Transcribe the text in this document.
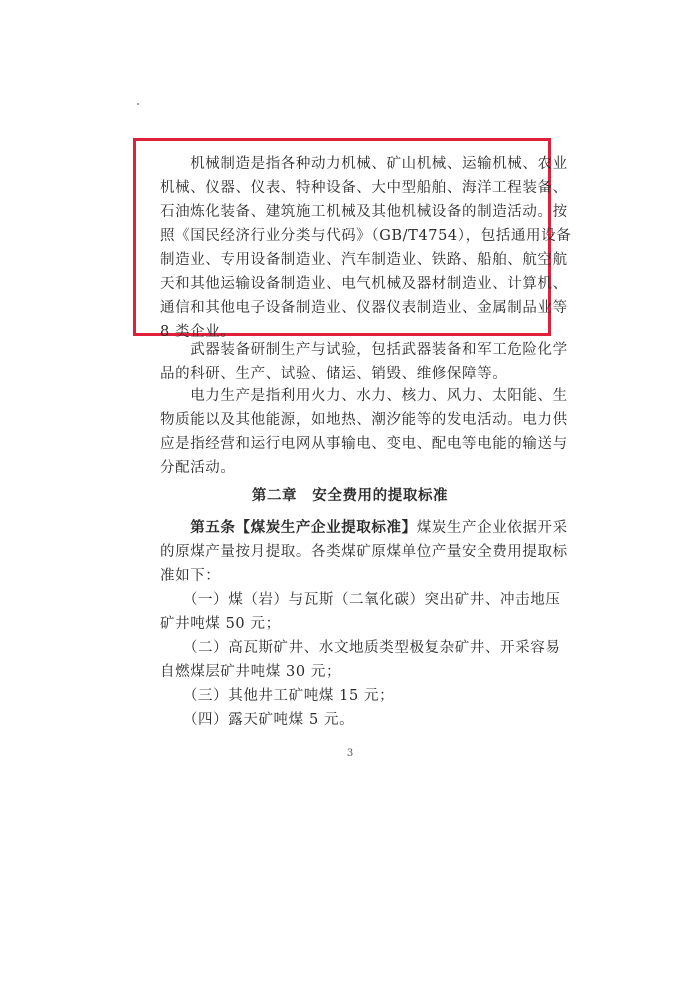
　　机械制造是指各种动力机械、矿山机械、运输机械、农业
机械、仪器、仪表、特种设备、大中型船舶、海洋工程装备、
石油炼化装备、建筑施工机械及其他机械设备的制造活动。按
照《国民经济行业分类与代码》（GB/T4754），包括通用设备
制造业、专用设备制造业、汽车制造业、铁路、船舶、航空航
天和其他运输设备制造业、电气机械及器材制造业、计算机、
通信和其他电子设备制造业、仪器仪表制造业、金属制品业等
8 类企业。

　　武器装备研制生产与试验，包括武器装备和军工危险化学
品的科研、生产、试验、储运、销毁、维修保障等。

　　电力生产是指利用火力、水力、核力、风力、太阳能、生
物质能以及其他能源，如地热、潮汐能等的发电活动。电力供
应是指经营和运行电网从事输电、变电、配电等电能的输送与
分配活动。

第二章　安全费用的提取标准

　　第五条【煤炭生产企业提取标准】煤炭生产企业依据开采
的原煤产量按月提取。各类煤矿原煤单位产量安全费用提取标
准如下：

　　（一）煤（岩）与瓦斯（二氧化碳）突出矿井、冲击地压
矿井吨煤 50 元；

　　（二）高瓦斯矿井、水文地质类型极复杂矿井、开采容易
自燃煤层矿井吨煤 30 元；

　　（三）其他井工矿吨煤 15 元；

　　（四）露天矿吨煤 5 元。

3
